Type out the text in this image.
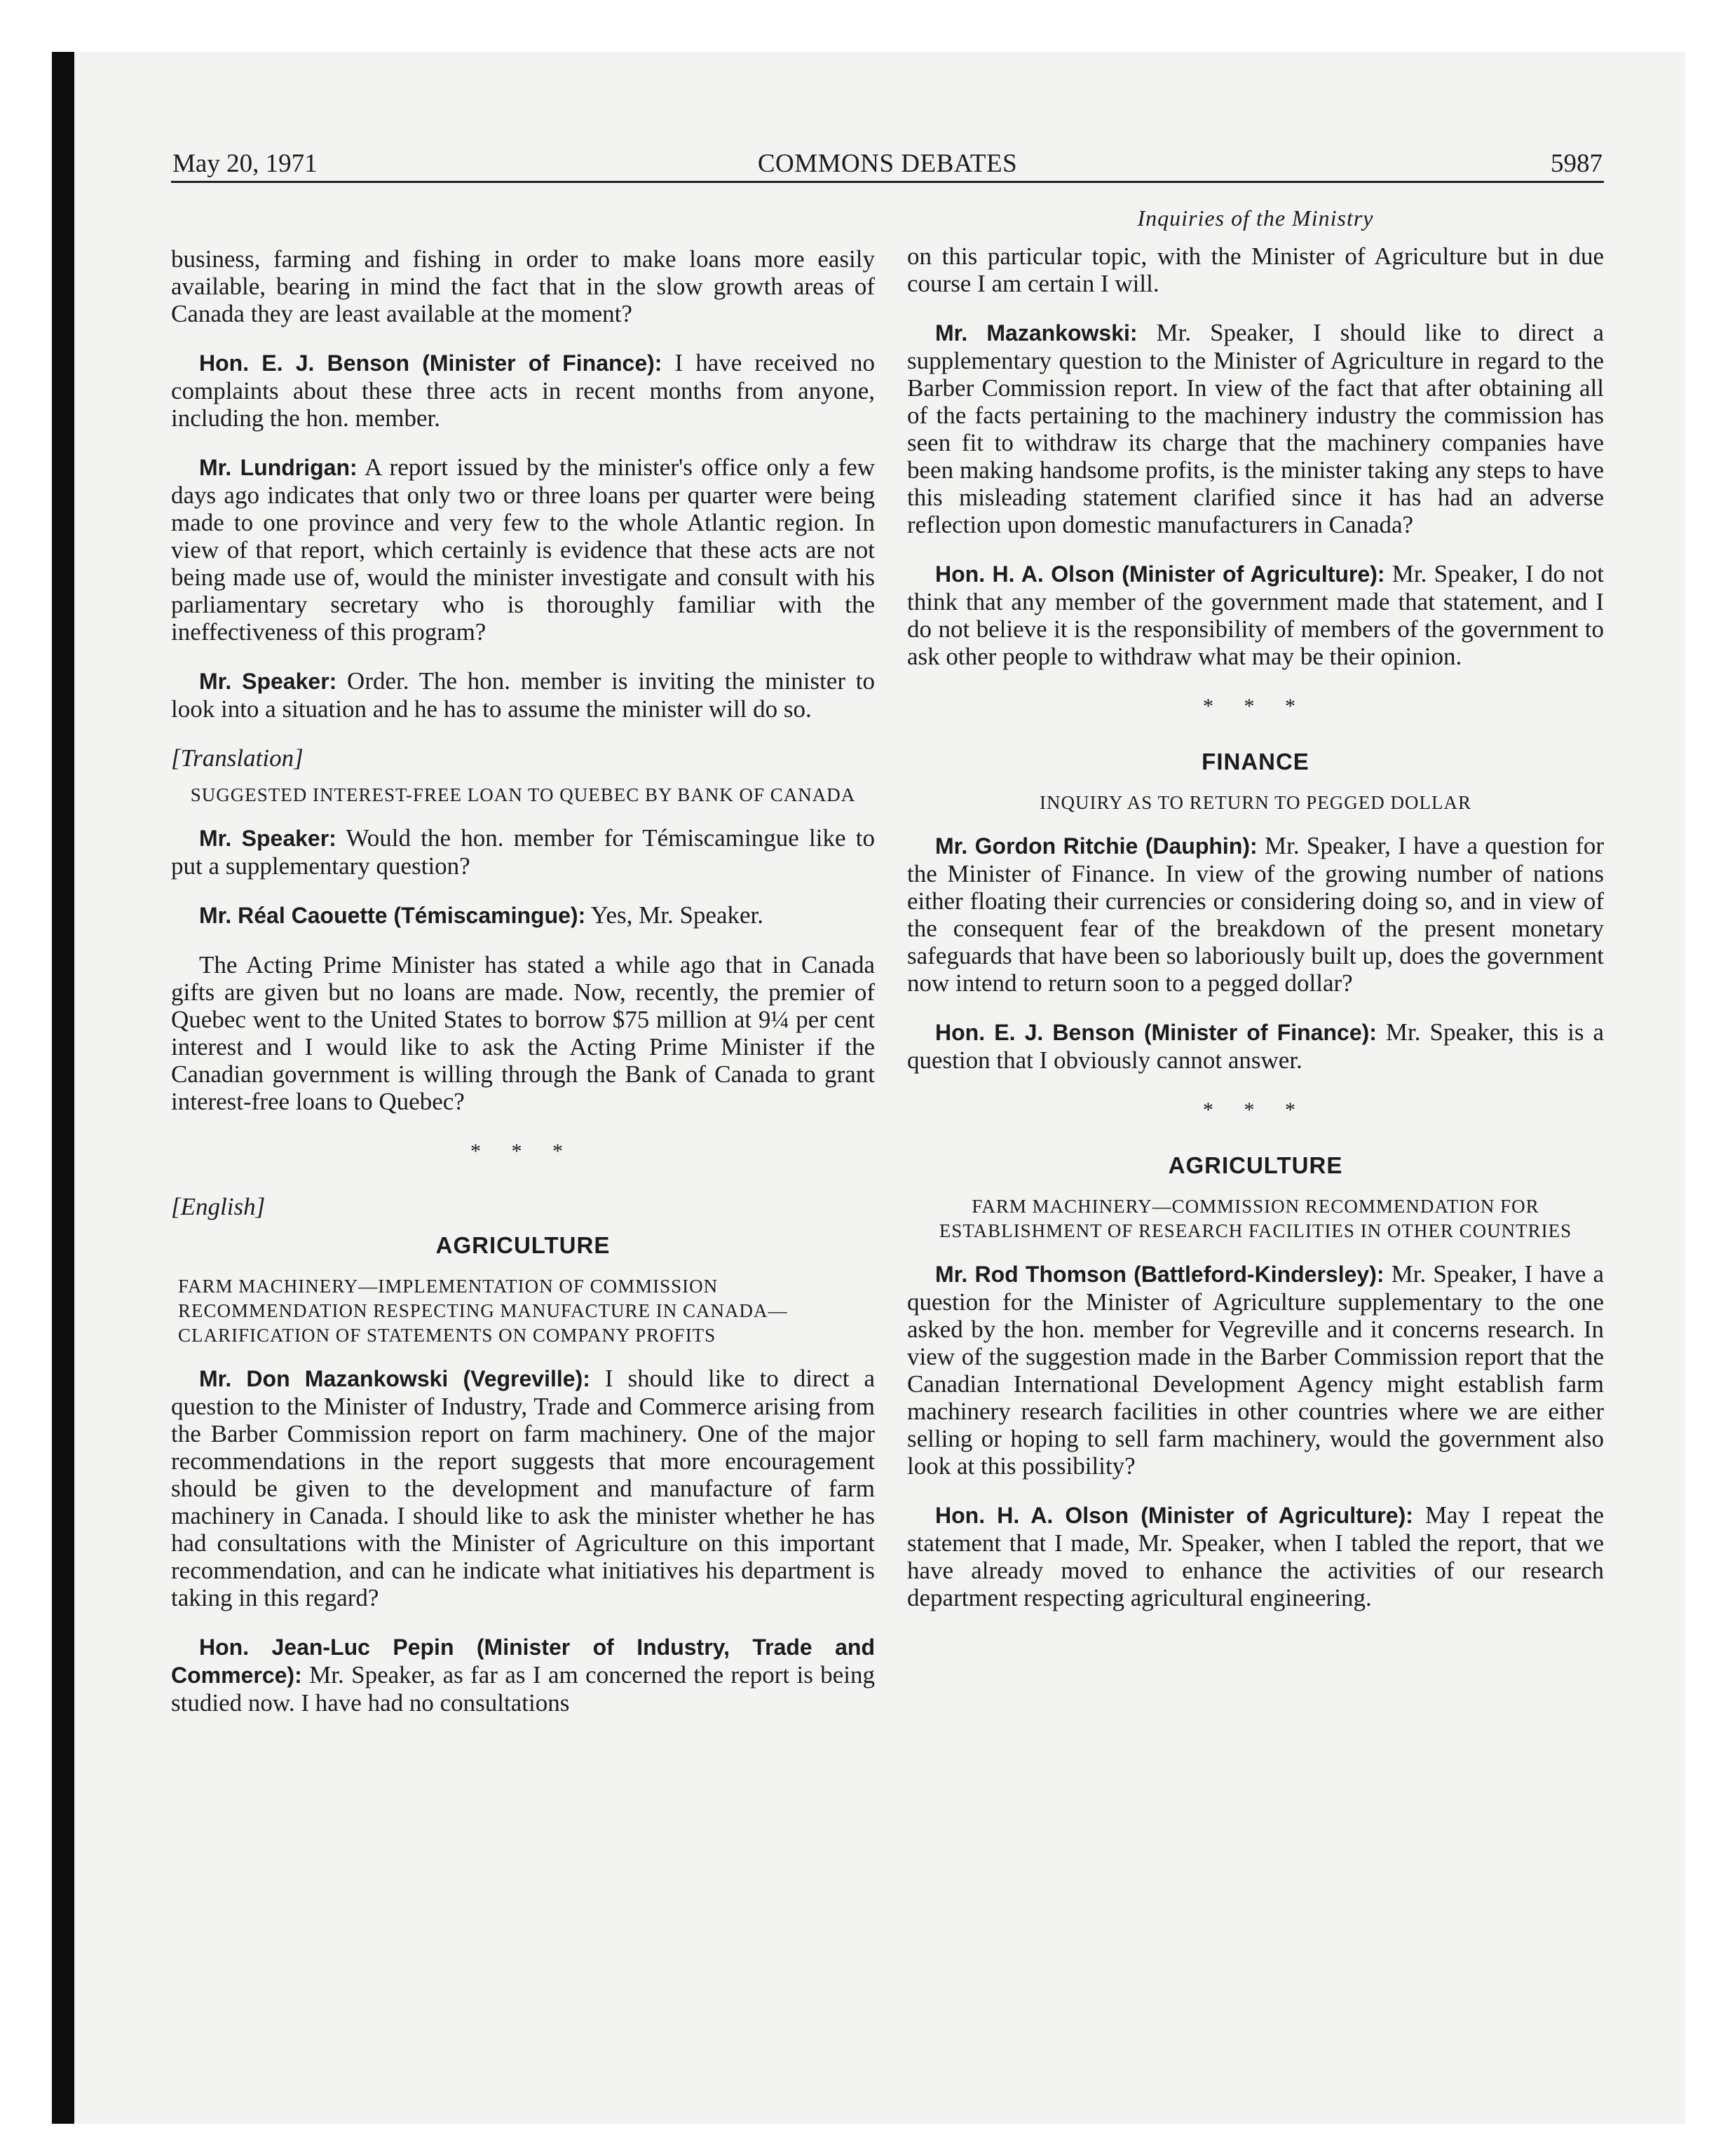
May 20, 1971	COMMONS DEBATES	5987
Inquiries of the Ministry

business, farming and fishing in order to make loans more easily available, bearing in mind the fact that in the slow growth areas of Canada they are least available at the moment?

Hon. E. J. Benson (Minister of Finance): I have received no complaints about these three acts in recent months from anyone, including the hon. member.

Mr. Lundrigan: A report issued by the minister's office only a few days ago indicates that only two or three loans per quarter were being made to one province and very few to the whole Atlantic region. In view of that report, which certainly is evidence that these acts are not being made use of, would the minister investigate and consult with his parliamentary secretary who is thoroughly familiar with the ineffectiveness of this program?

Mr. Speaker: Order. The hon. member is inviting the minister to look into a situation and he has to assume the minister will do so.

[Translation]

SUGGESTED INTEREST-FREE LOAN TO QUEBEC BY BANK OF CANADA

Mr. Speaker: Would the hon. member for Témiscamingue like to put a supplementary question?

Mr. Réal Caouette (Témiscamingue): Yes, Mr. Speaker.

The Acting Prime Minister has stated a while ago that in Canada gifts are given but no loans are made. Now, recently, the premier of Quebec went to the United States to borrow $75 million at 9¼ per cent interest and I would like to ask the Acting Prime Minister if the Canadian government is willing through the Bank of Canada to grant interest-free loans to Quebec?

* * *

[English]

AGRICULTURE

FARM MACHINERY—IMPLEMENTATION OF COMMISSION RECOMMENDATION RESPECTING MANUFACTURE IN CANADA—CLARIFICATION OF STATEMENTS ON COMPANY PROFITS

Mr. Don Mazankowski (Vegreville): I should like to direct a question to the Minister of Industry, Trade and Commerce arising from the Barber Commission report on farm machinery. One of the major recommendations in the report suggests that more encouragement should be given to the development and manufacture of farm machinery in Canada. I should like to ask the minister whether he has had consultations with the Minister of Agriculture on this important recommendation, and can he indicate what initiatives his department is taking in this regard?

Hon. Jean-Luc Pepin (Minister of Industry, Trade and Commerce): Mr. Speaker, as far as I am concerned the report is being studied now. I have had no consultations

on this particular topic, with the Minister of Agriculture but in due course I am certain I will.

Mr. Mazankowski: Mr. Speaker, I should like to direct a supplementary question to the Minister of Agriculture in regard to the Barber Commission report. In view of the fact that after obtaining all of the facts pertaining to the machinery industry the commission has seen fit to withdraw its charge that the machinery companies have been making handsome profits, is the minister taking any steps to have this misleading statement clarified since it has had an adverse reflection upon domestic manufacturers in Canada?

Hon. H. A. Olson (Minister of Agriculture): Mr. Speaker, I do not think that any member of the government made that statement, and I do not believe it is the responsibility of members of the government to ask other people to withdraw what may be their opinion.

* * *
FINANCE

INQUIRY AS TO RETURN TO PEGGED DOLLAR

Mr. Gordon Ritchie (Dauphin): Mr. Speaker, I have a question for the Minister of Finance. In view of the growing number of nations either floating their currencies or considering doing so, and in view of the consequent fear of the breakdown of the present monetary safeguards that have been so laboriously built up, does the government now intend to return soon to a pegged dollar?

Hon. E. J. Benson (Minister of Finance): Mr. Speaker, this is a question that I obviously cannot answer.

* * *
AGRICULTURE

FARM MACHINERY—COMMISSION RECOMMENDATION FOR ESTABLISHMENT OF RESEARCH FACILITIES IN OTHER COUNTRIES

Mr. Rod Thomson (Battleford-Kindersley): Mr. Speaker, I have a question for the Minister of Agriculture supplementary to the one asked by the hon. member for Vegreville and it concerns research. In view of the suggestion made in the Barber Commission report that the Canadian International Development Agency might establish farm machinery research facilities in other countries where we are either selling or hoping to sell farm machinery, would the government also look at this possibility?

Hon. H. A. Olson (Minister of Agriculture): May I repeat the statement that I made, Mr. Speaker, when I tabled the report, that we have already moved to enhance the activities of our research department respecting agricultural engineering.
